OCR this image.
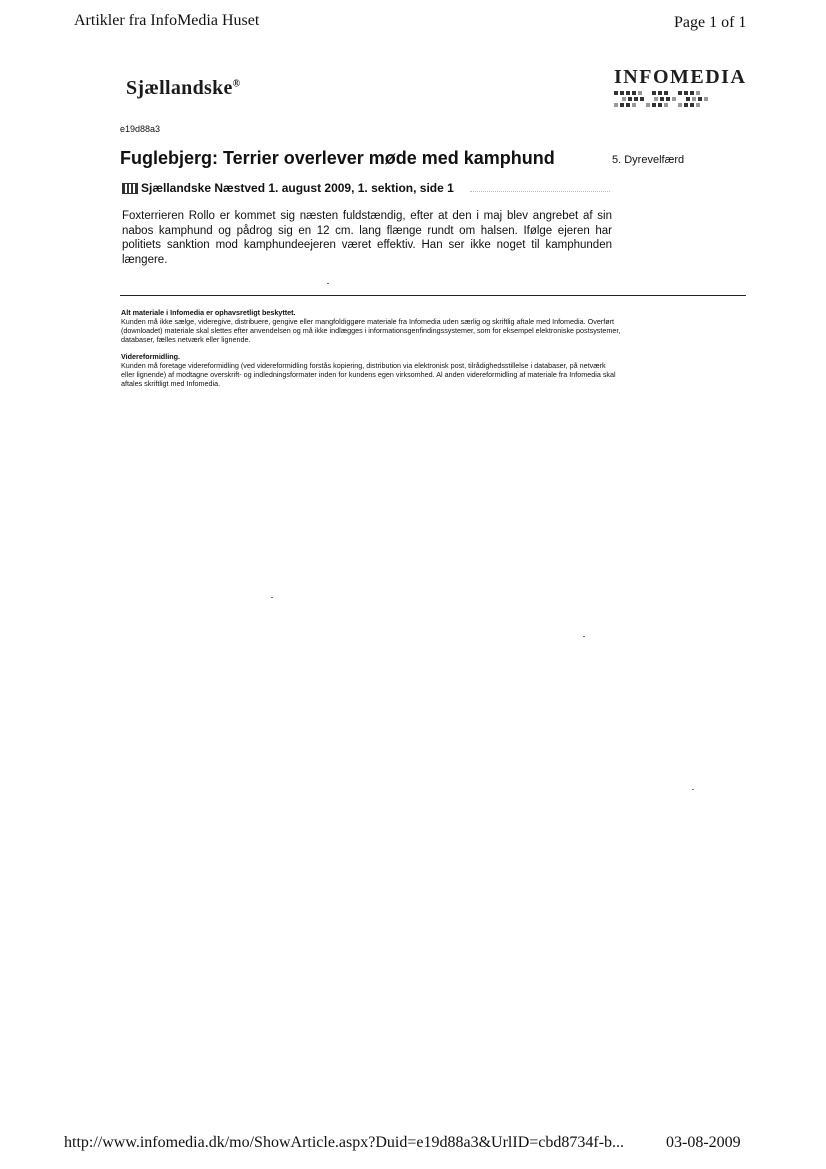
Artikler fra InfoMedia Huset	Page 1 of 1
Sjællandske®	INFOMEDIA
e19d88a3
Fuglebjerg: Terrier overlever møde med kamphund	5. Dyrevelfærd
Sjællandske Næstved 1. august 2009, 1. sektion, side 1

Foxterrieren Rollo er kommet sig næsten fuldstændig, efter at den i maj blev angrebet af sin nabos kamphund og pådrog sig en 12 cm. lang flænge rundt om halsen. Ifølge ejeren har politiets sanktion mod kamphundeejeren været effektiv. Han ser ikke noget til kamphunden længere.

Alt materiale i Infomedia er ophavsretligt beskyttet.

Kunden må ikke sælge, videregive, distribuere, gengive eller mangfoldiggøre materiale fra Infomedia uden særlig og skriftlig aftale med Infomedia. Overført (downloadet) materiale skal slettes efter anvendelsen og må ikke indlægges i informationsgenfindingssystemer, som for eksempel elektroniske postsystemer, databaser, fælles netværk eller lignende.

Videreformidling.

Kunden må foretage videreformidling (ved videreformidling forstås kopiering, distribution via elektronisk post, tilrådighedsstillelse i databaser, på netværk eller lignende) af modtagne overskrift- og indledningsformater inden for kundens egen virksomhed. Al anden videreformidling af materiale fra Infomedia skal aftales skriftligt med Infomedia.

http://www.infomedia.dk/mo/ShowArticle.aspx?Duid=e19d88a3&UrlID=cbd8734f-b...	03-08-2009
